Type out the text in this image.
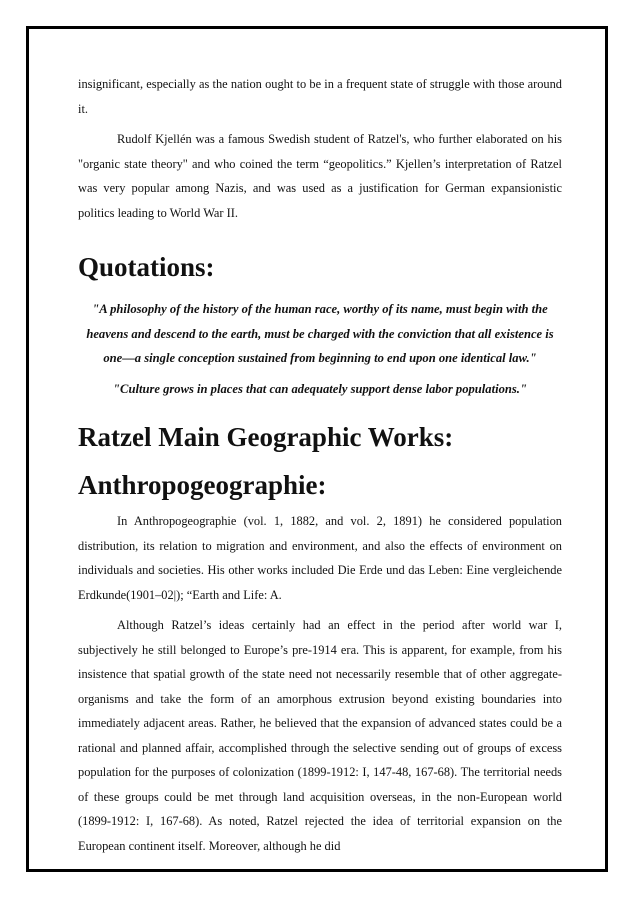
insignificant, especially as the nation ought to be in a frequent state of struggle with those around it.

Rudolf Kjellén was a famous Swedish student of Ratzel's, who further elaborated on his "organic state theory" and who coined the term “geopolitics.” Kjellen’s interpretation of Ratzel was very popular among Nazis, and was used as a justification for German expansionistic politics leading to World War II.

Quotations:

"A philosophy of the history of the human race, worthy of its name, must begin with the heavens and descend to the earth, must be charged with the conviction that all existence is one—a single conception sustained from beginning to end upon one identical law."

"Culture grows in places that can adequately support dense labor populations."

Ratzel Main Geographic Works:
Anthropogeographie:

In Anthropogeographie (vol. 1, 1882, and vol. 2, 1891) he considered population distribution, its relation to migration and environment, and also the effects of environment on individuals and societies. His other works included Die Erde und das Leben: Eine vergleichende Erdkunde(1901–02|); “Earth and Life: A.

Although Ratzel’s ideas certainly had an effect in the period after world war I, subjectively he still belonged to Europe’s pre-1914 era. This is apparent, for example, from his insistence that spatial growth of the state need not necessarily resemble that of other aggregate-organisms and take the form of an amorphous extrusion beyond existing boundaries into immediately adjacent areas. Rather, he believed that the expansion of advanced states could be a rational and planned affair, accomplished through the selective sending out of groups of excess population for the purposes of colonization (1899-1912: I, 147-48, 167-68). The territorial needs of these groups could be met through land acquisition overseas, in the non-European world (1899-1912: I, 167-68). As noted, Ratzel rejected the idea of territorial expansion on the European continent itself. Moreover, although he did
